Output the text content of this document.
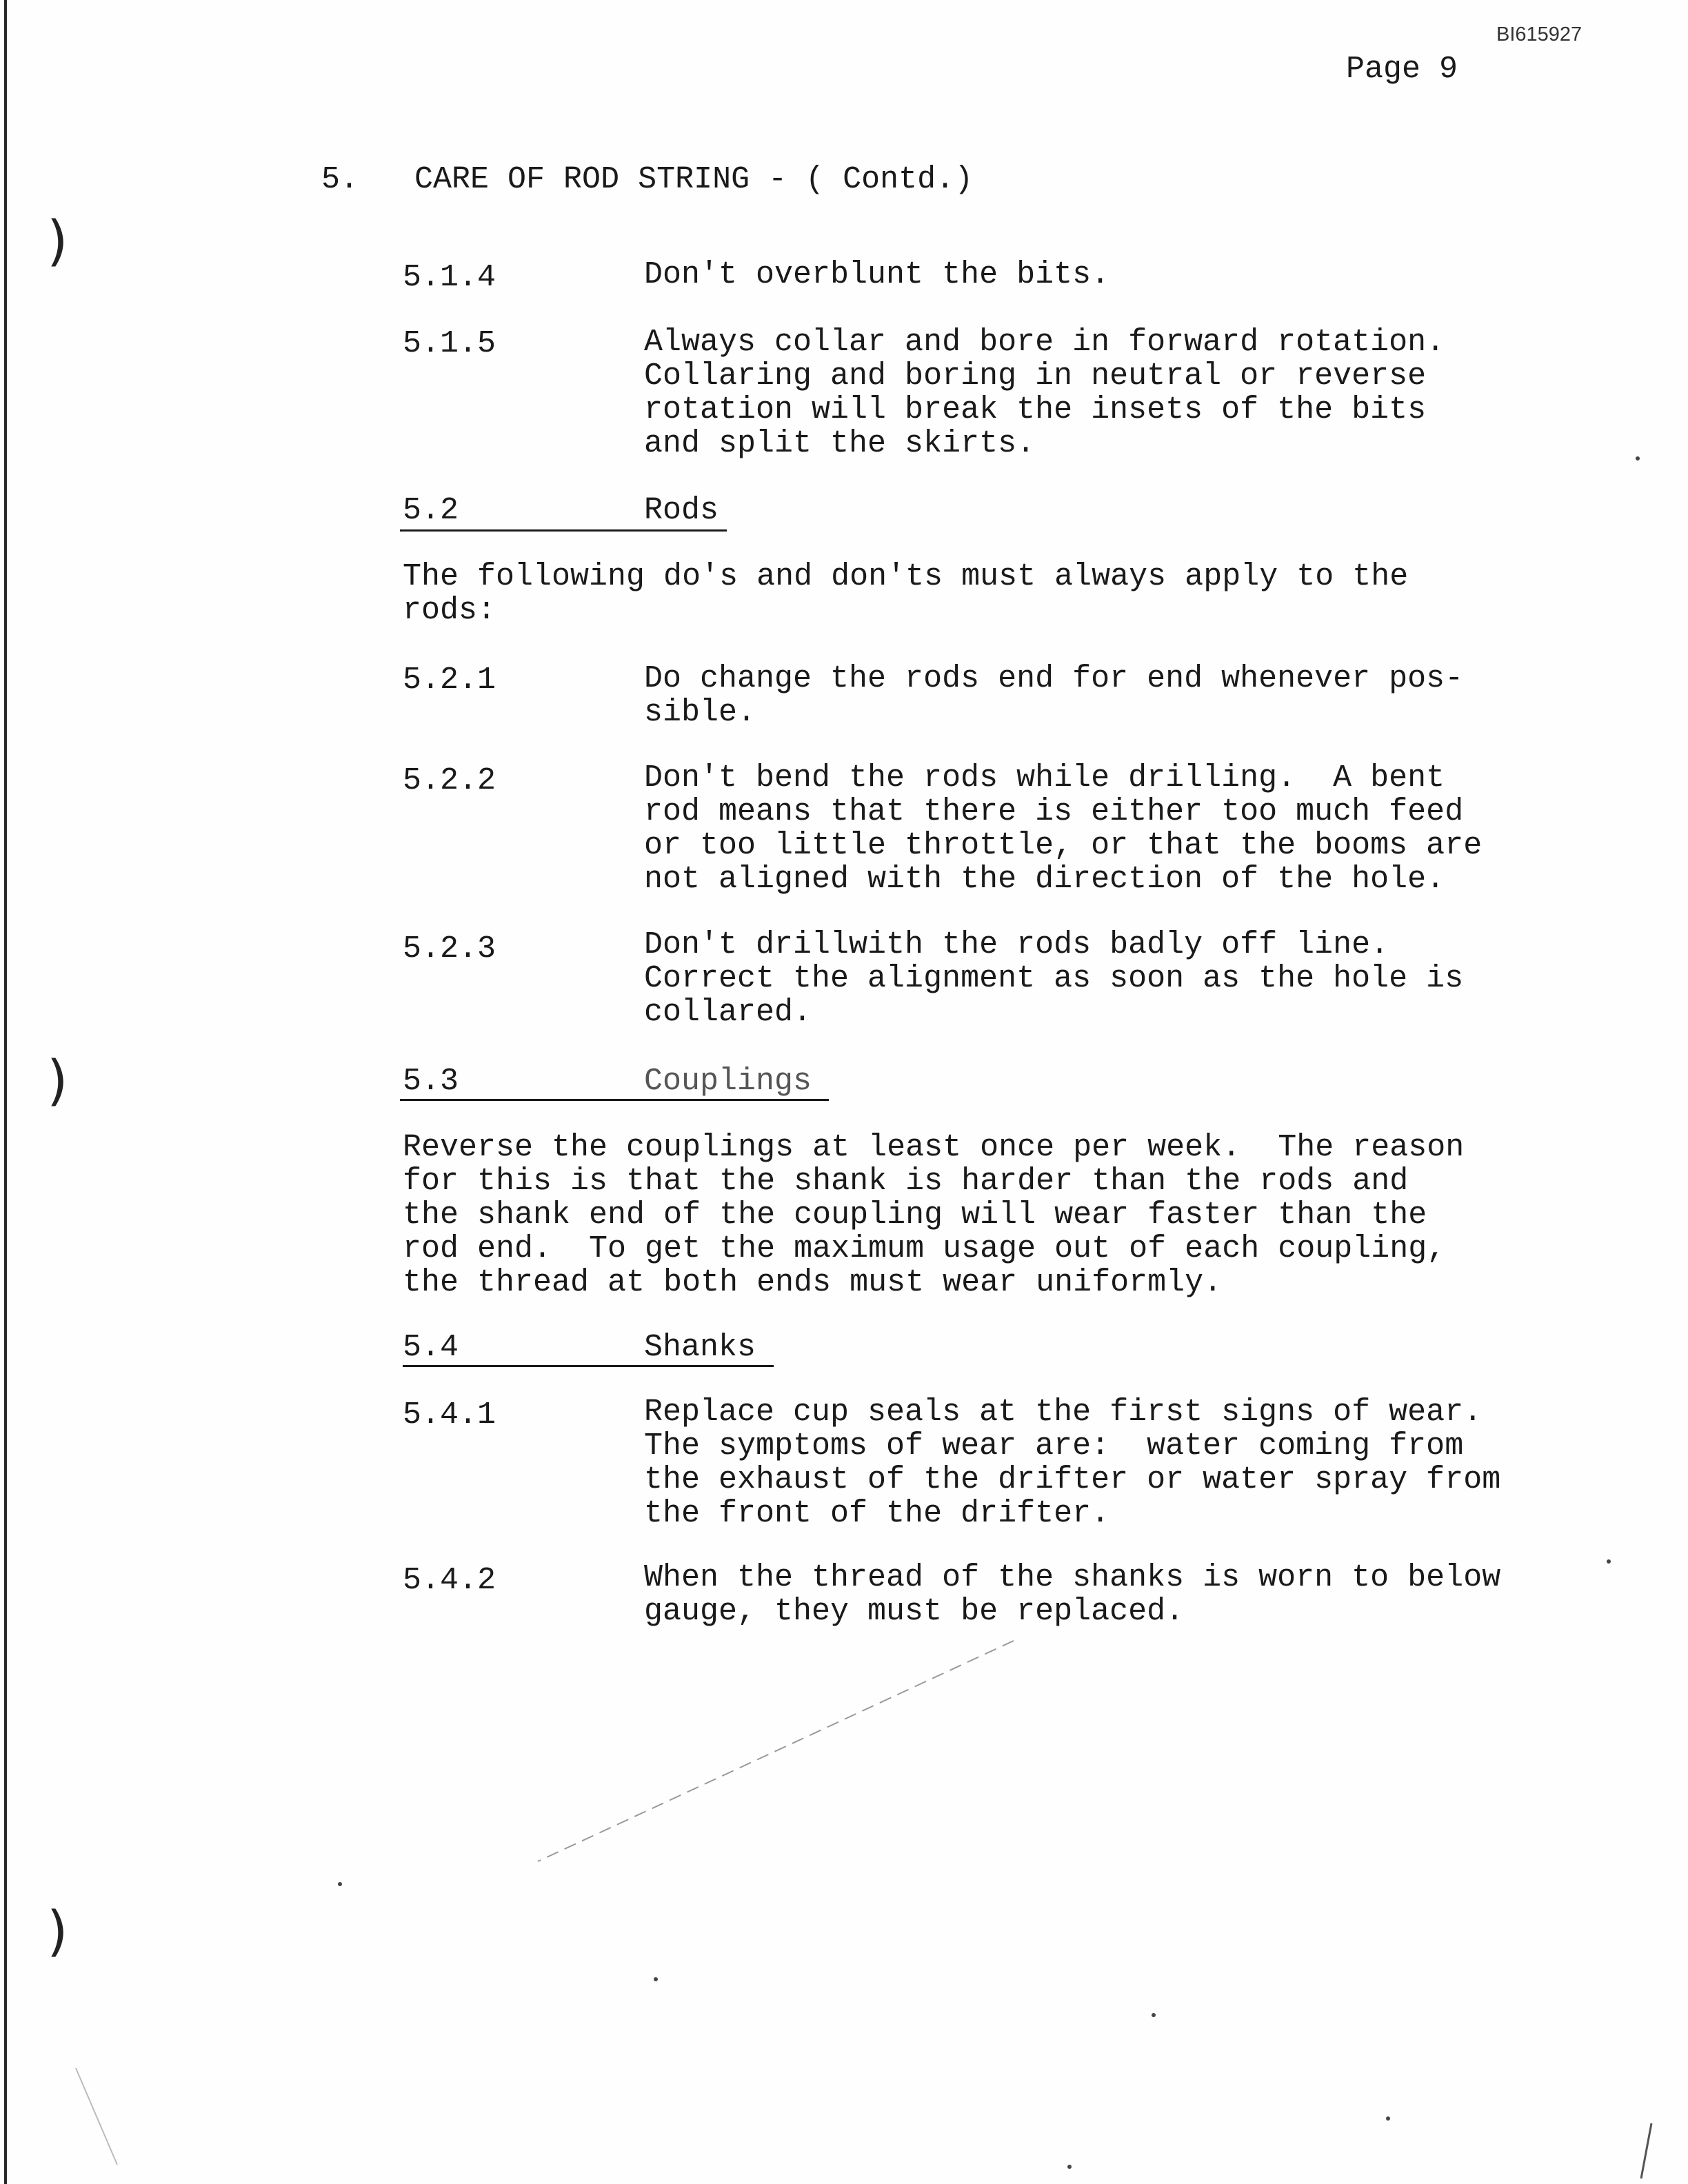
)
)
)
BI615927
Page 9
5.   CARE OF ROD STRING - ( Contd.)
5.1.4	Don't overblunt the bits.
5.1.5	Always collar and bore in forward rotation.
Collaring and boring in neutral or reverse
rotation will break the insets of the bits
and split the skirts.
5.2	Rods
The following do's and don'ts must always apply to the
rods:
5.2.1	Do change the rods end for end whenever pos-
sible.
5.2.2	Don't bend the rods while drilling.  A bent
rod means that there is either too much feed
or too little throttle, or that the booms are
not aligned with the direction of the hole.
5.2.3	Don't drillwith the rods badly off line.
Correct the alignment as soon as the hole is
collared.
5.3	Couplings
Reverse the couplings at least once per week.  The reason
for this is that the shank is harder than the rods and
the shank end of the coupling will wear faster than the
rod end.  To get the maximum usage out of each coupling,
the thread at both ends must wear uniformly.
5.4	Shanks
5.4.1	Replace cup seals at the first signs of wear.
The symptoms of wear are:  water coming from
the exhaust of the drifter or water spray from
the front of the drifter.
5.4.2	When the thread of the shanks is worn to below
gauge, they must be replaced.
